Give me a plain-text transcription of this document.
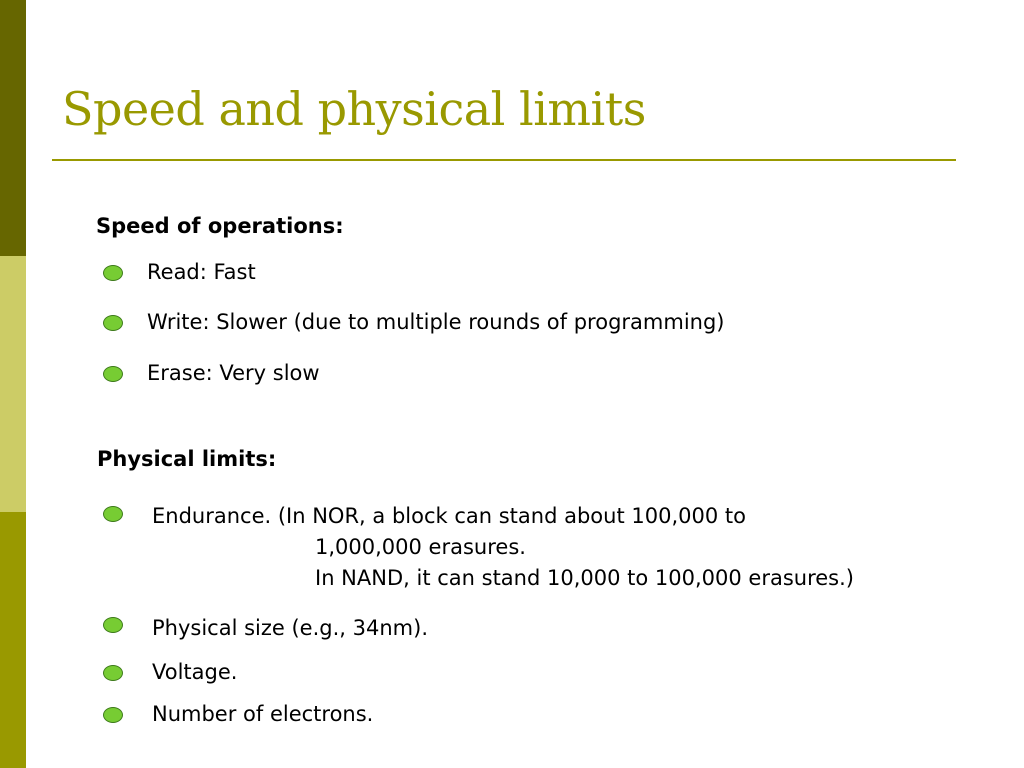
Speed and physical limits
Speed of operations:
Read: Fast
Write: Slower (due to multiple rounds of programming)
Erase: Very slow
Physical limits:
Endurance. (In NOR, a block can stand about 100,000 to
1,000,000 erasures.
In NAND, it can stand 10,000 to 100,000 erasures.)
Physical size (e.g., 34nm).
Voltage.
Number of electrons.
